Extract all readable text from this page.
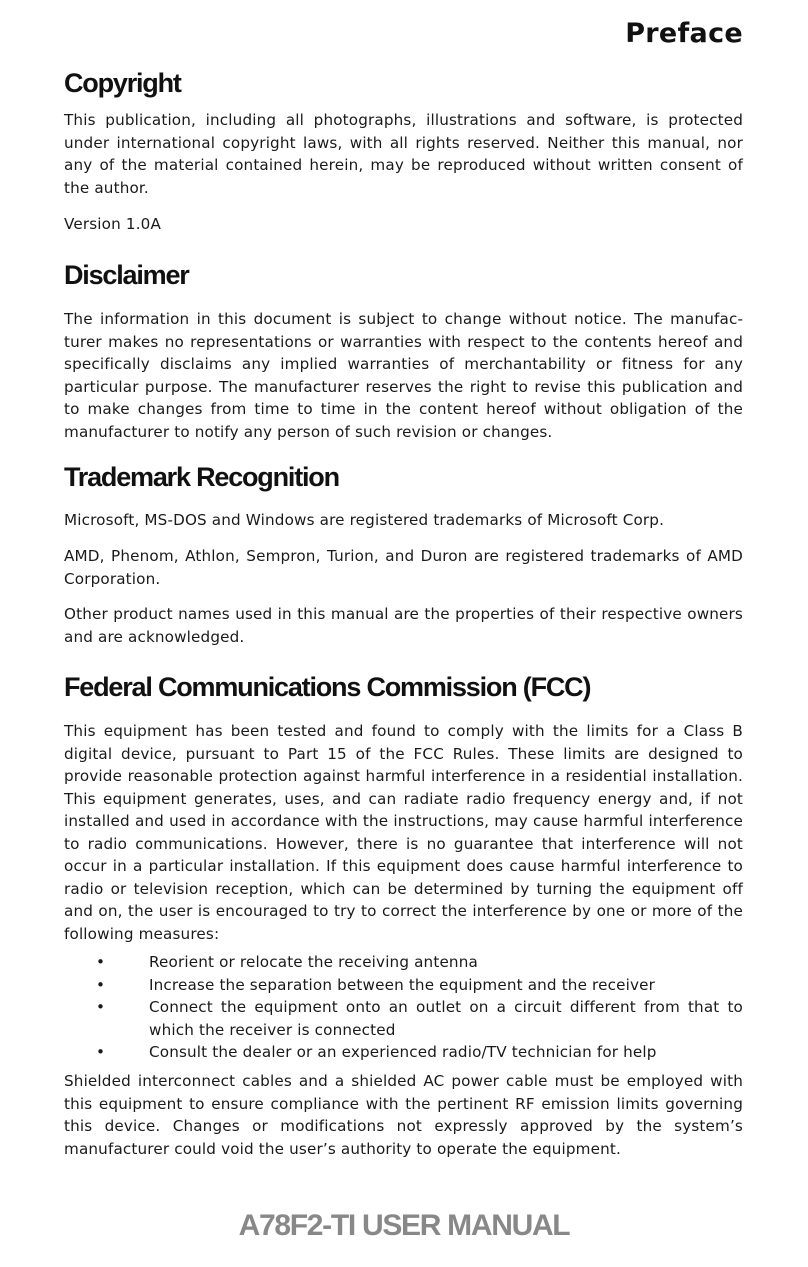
Preface
Copyright

This publication, including all photographs, illustrations and software, is protected under international copyright laws, with all rights reserved. Neither this manual, nor any of the material contained herein, may be reproduced without written consent of the author.

Version 1.0A

Disclaimer

The information in this document is subject to change without notice. The manufacturer makes no representations or warranties with respect to the contents hereof and specifically disclaims any implied warranties of merchantability or fitness for any particular purpose. The manufacturer reserves the right to revise this publication and to make changes from time to time in the content hereof without obligation of the manufacturer to notify any person of such revision or changes.

Trademark Recognition

Microsoft, MS-DOS and Windows are registered trademarks of Microsoft Corp.

AMD, Phenom, Athlon, Sempron, Turion, and Duron are registered trademarks of AMD Corporation.

Other product names used in this manual are the properties of their respective owners and are acknowledged.

Federal Communications Commission (FCC)

This equipment has been tested and found to comply with the limits for a Class B digital device, pursuant to Part 15 of the FCC Rules. These limits are designed to provide reasonable protection against harmful interference in a residential installation. This equipment generates, uses, and can radiate radio frequency energy and, if not installed and used in accordance with the instructions, may cause harmful interference to radio communications. However, there is no guarantee that interference will not occur in a particular installation. If this equipment does cause harmful interference to radio or television reception, which can be determined by turning the equipment off and on, the user is encouraged to try to correct the interference by one or more of the following measures:

•	Reorient or relocate the receiving antenna
•	Increase the separation between the equipment and the receiver
•	Connect the equipment onto an outlet on a circuit different from that to which the receiver is connected
•	Consult the dealer or an experienced radio/TV technician for help

Shielded interconnect cables and a shielded AC power cable must be employed with this equipment to ensure compliance with the pertinent RF emission limits governing this device. Changes or modifications not expressly approved by the system’s manufacturer could void the user’s authority to operate the equipment.

A78F2-TI USER MANUAL
